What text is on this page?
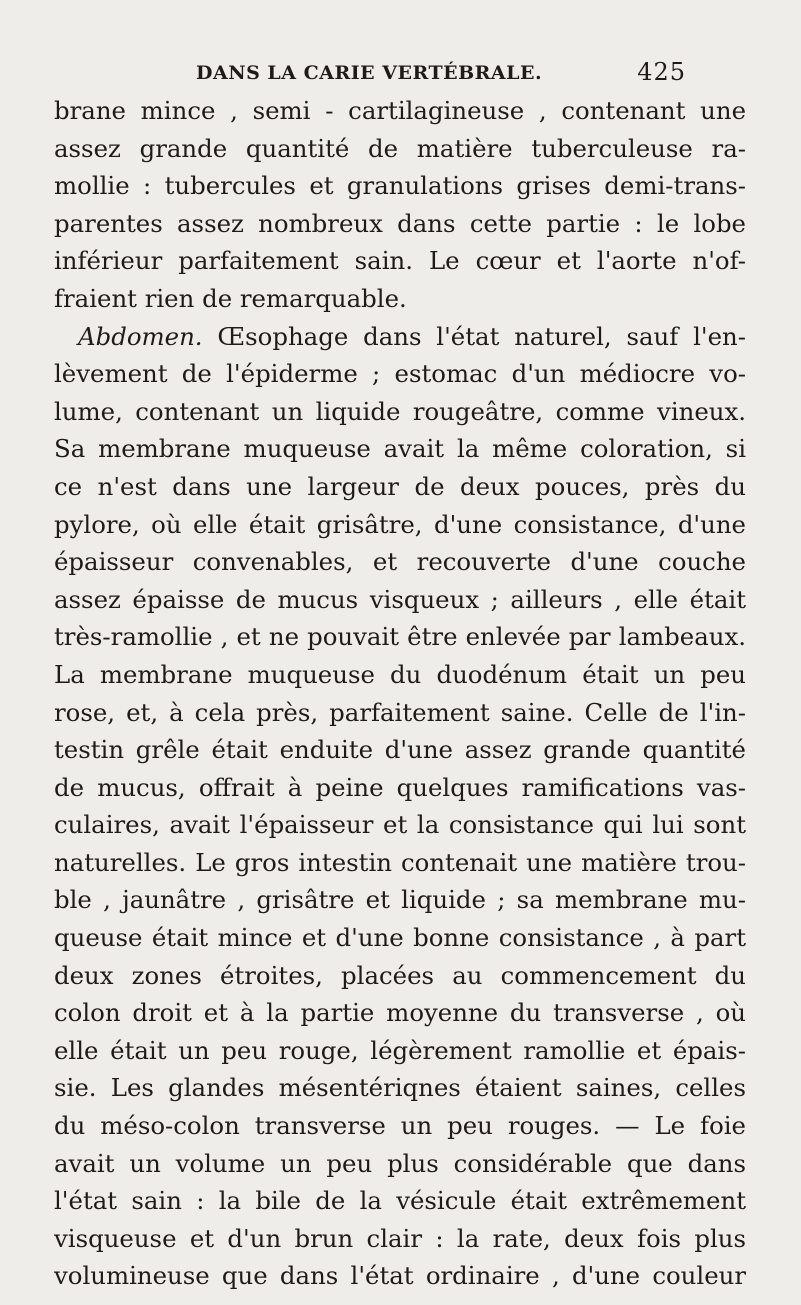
DANS LA CARIE VERTÉBRALE.	425
brane mince , semi - cartilagineuse , contenant une
assez grande quantité de matière tuberculeuse ra-
mollie : tubercules et granulations grises demi-trans-
parentes assez nombreux dans cette partie : le lobe
inférieur parfaitement sain. Le cœur et l'aorte n'of-
fraient rien de remarquable.
Abdomen. Œsophage dans l'état naturel, sauf l'en-
lèvement de l'épiderme ; estomac d'un médiocre vo-
lume, contenant un liquide rougeâtre, comme vineux.
Sa membrane muqueuse avait la même coloration, si
ce n'est dans une largeur de deux pouces, près du
pylore, où elle était grisâtre, d'une consistance, d'une
épaisseur convenables, et recouverte d'une couche
assez épaisse de mucus visqueux ; ailleurs , elle était
très-ramollie , et ne pouvait être enlevée par lambeaux.
La membrane muqueuse du duodénum était un peu
rose, et, à cela près, parfaitement saine. Celle de l'in-
testin grêle était enduite d'une assez grande quantité
de mucus, offrait à peine quelques ramifications vas-
culaires, avait l'épaisseur et la consistance qui lui sont
naturelles. Le gros intestin contenait une matière trou-
ble , jaunâtre , grisâtre et liquide ; sa membrane mu-
queuse était mince et d'une bonne consistance , à part
deux zones étroites, placées au commencement du
colon droit et à la partie moyenne du transverse , où
elle était un peu rouge, légèrement ramollie et épais-
sie. Les glandes mésentériqnes étaient saines, celles
du méso-colon transverse un peu rouges. — Le foie
avait un volume un peu plus considérable que dans
l'état sain : la bile de la vésicule était extrêmement
visqueuse et d'un brun clair : la rate, deux fois plus
volumineuse que dans l'état ordinaire , d'une couleur
